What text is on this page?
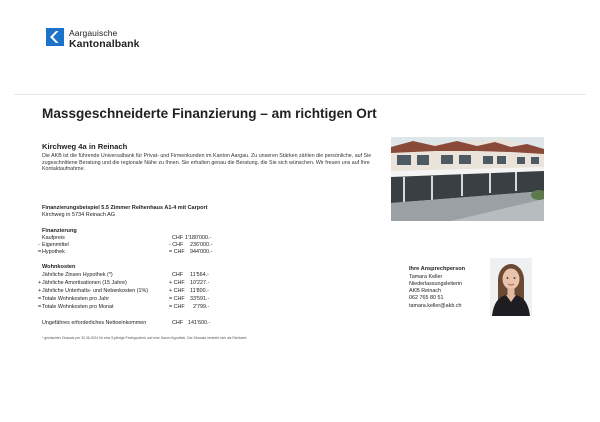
Aargauische
Kantonalbank
Massgeschneiderte Finanzierung – am richtigen Ort
Kirchweg 4a in Reinach
Die AKB ist die führende Universalbank für Privat- und Firmenkunden im Kanton Aargau. Zu unseren Stärken zählen die persönliche, auf Sie zugeschnittene Beratung und die regionale Nähe zu Ihnen. Sie erhalten genau die Beratung, die Sie sich wünschen. Wir freuen uns auf Ihre Kontaktaufnahme.
Finanzierungsbeispiel 5.5 Zimmer Reihenhaus A1-4 mit Carport
Kirchweg in 5734 Reinach AG
Finanzierung
Kaufpreis	CHF 1'180'000.-
- Eigenmittel	- CHF 236'000.-
= Hypothek	= CHF 944'000.-
Wohnkosten
Jährliche Zinsen Hypothek (*)	CHF 11'564.-
+ Jährliche Amortisationen (15 Jahre)	+ CHF 10'227.-
+ Jährliche Unterhalts- und Nebenkosten (1%)	+ CHF 11'800.-
= Totale Wohnkosten pro Jahr	= CHF 33'591.-
= Totale Wohnkosten pro Monat	= CHF 2'799.-
Ungefähres erforderliches Nettoeinkommen	CHF 141'600.-
Ihre Ansprechperson
Tamara Keller
Niederlassungsleiterin
AKB Reinach
062 765 80 51
tamara.keller@akb.ch
* gemischter Zinssatz per 30.06.2024 für eine 5-jährige Festhypothek und eine Saron-Hypothek. Der Zinssatz versteht sich als Richtwert.
